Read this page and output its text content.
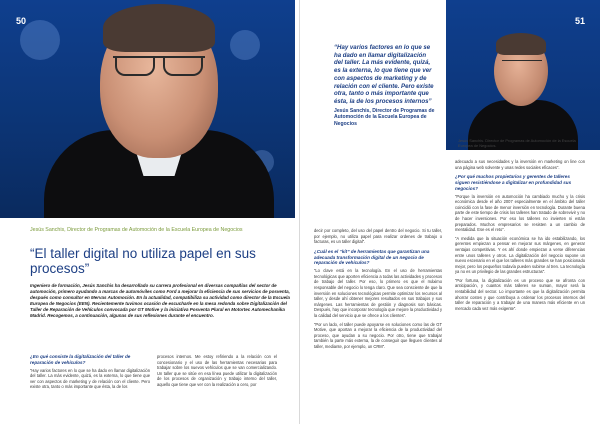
50
Jesús Sanchis, Director de Programas de Automoción de la Escuela Europea de Negocios
“El taller digital no utiliza papel en sus procesos”
Ingeniero de formación, Jesús Sanchis ha desarrollado su carrera profesional en diversas compañías del sector de automoción, primero ayudando a marcas de automóviles como Ford a mejorar la eficiencia de sus servicios de posventa, después como consultor en Mervas Automoción. En la actualidad, compatibiliza su actividad como director de la Escuela Europea de Negocios (EEN). Recientemente tuvimos ocasión de escucharle en la mesa redonda sobre Digitalización del Taller de Reparación de Vehículos convocada por GT Motive y la iniciativa Posventa Plural en Motortec Automechanika Madrid. Recogemos, a continuación, algunas de sus reflexiones durante el encuentro.
¿En qué consiste la digitalización del taller de reparación de vehículos?
“Hay varios factores en lo que se ha dado en llamar digitalización del taller. La más evidente, quizá, es la externa, lo que tiene que ver con aspectos de marketing y de relación con el cliente. Pero existe otra, tanto o más importante que ésta, la de los
procesos internos. Me estoy refiriendo a la relación con el concesionario y el uso de las herramientas necesarias para trabajar sobre los nuevos vehículos que se van comercializando. Un taller que se sitúe en esa línea puede utilizar la digitalización de los procesos de organización y trabajo interno del taller, aquello que tiene que ver con la realización a cero, por
decir por completo, del uso del papel dentro del negocio. Si tu taller, por ejemplo, no utiliza papel para realizar ordenes de trabajo o facturas, es un taller digital”.
¿Cuál es el “kit” de herramientas que garantizan una adecuada transformación digital de un negocio de reparación de vehículos?
“Lo clave está en la tecnología. En el uso de herramientas tecnológicas que aporten eficiencia a todas las actividades y procesos de trabajo del taller. Por eso, lo primero es que el máximo responsable del negocio lo tenga claro. Que sea consciente de que la inversión en soluciones tecnológicas permite optimizar los recursos al taller, y desde ahí obtener mejores resultados en sus trabajos y sus márgenes. Las herramientas de gestión y diagnosis son básicas. Después, hay que incorporar tecnología que mejore la productividad y la calidad del servicio que se ofrece a los clientes”.
“Por un lado, el taller puede apoyarse en soluciones como las de GT Motive, que aportan a mejorar la eficiencia de la productividad del proceso, que ayudan a su negocio. Por otro, tiene que trabajar también la parte más externa, la de conseguir que lleguen clientes al taller, mediante, por ejemplo, un CRM”.
“Hay varios factores en lo que se ha dado en llamar digitalización del taller. La más evidente, quizá, es la externa, lo que tiene que ver con aspectos de marketing y de relación con el cliente. Pero existe otra, tanto o más importante que ésta, la de los procesos internos”
Jesús Sanchis, Director de Programas de Automoción de la Escuela Europea de Negocios
51
Jesús Sanchis. Director de Programas de Automoción de la Escuela Europea de Negocios.
adecuado a sus necesidades y la inversión en marketing on line con una página web solvente y unas redes sociales eficaces”.
¿Por qué muchos propietarios y gerentes de talleres siguen resistiéndose a digitalizar en profundidad sus negocios?
“Porque la inversión en automoción ha cambiado mucho y la crisis económica desde el año 2007 especialmente en el ámbito del taller coincidió con la fase de menor inversión en tecnología. Durante buena parte de este tiempo de crisis los talleres han tratado de sobrevivir y no de hacer inversiones. Por eso los talleres no invierten ni están preparados. Muchos empresarios se resisten a un cambio de mentalidad. Ese es el reto”.
“A medida que la situación económica se ha ido estabilizando, los gerentes empiezan a pensar en mejorar sus márgenes, en generar ventajas competitivas. Y es ahí donde empiezan a verse diferencias entre unos talleres y otros. La digitalización del negocio supone un nuevo escenario en el que los talleres más grandes se han posicionado mejor, pero los pequeños todavía pueden subirse al tren. La tecnología ya no es un privilegio de las grandes estructuras”.
“Por fortuna, la digitalización es un proceso que se afronta con anticipación, y cuantos más talleres se suman, mayor será la rentabilidad del sector. Lo importante es que la digitalización permita ahorrar costes y que contribuya a ordenar los procesos internos del taller de reparación y a trabajar de una manera más eficiente en un mercado cada vez más exigente”.
